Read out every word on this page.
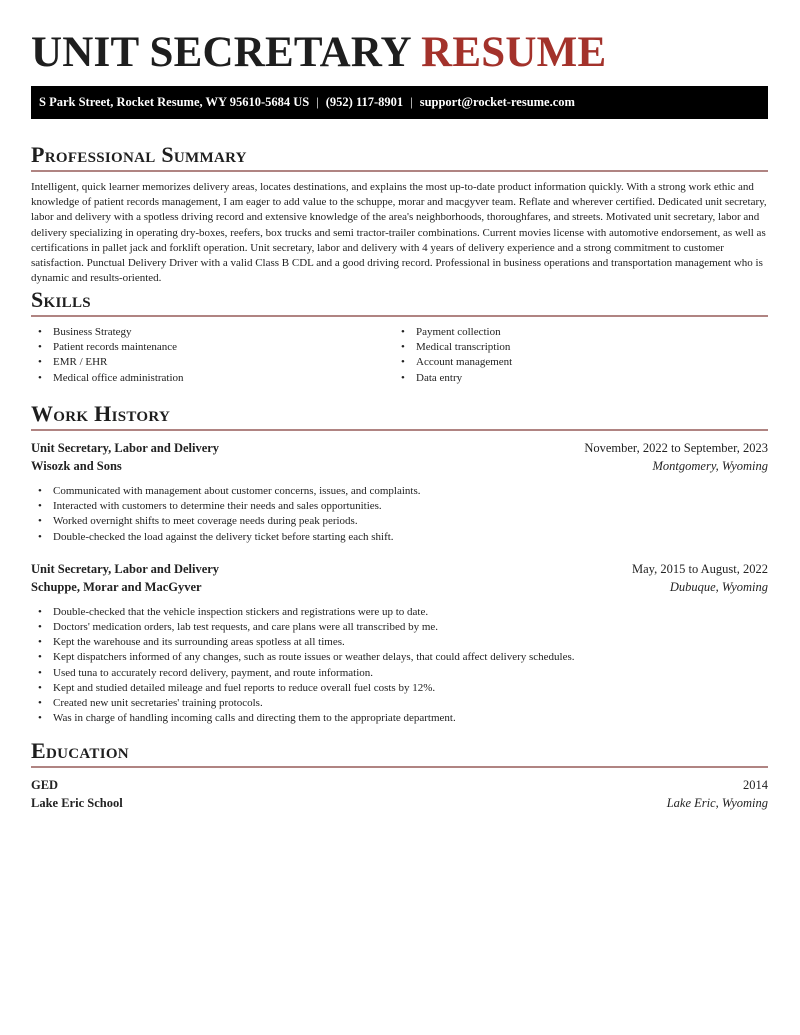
UNIT SECRETARY RESUME
S Park Street, Rocket Resume, WY 95610-5684 US | (952) 117-8901 | support@rocket-resume.com
Professional Summary

Intelligent, quick learner memorizes delivery areas, locates destinations, and explains the most up-to-date product information quickly. With a strong work ethic and knowledge of patient records management, I am eager to add value to the schuppe, morar and macgyver team. Reflate and wherever certified. Dedicated unit secretary, labor and delivery with a spotless driving record and extensive knowledge of the area's neighborhoods, thoroughfares, and streets. Motivated unit secretary, labor and delivery specializing in operating dry-boxes, reefers, box trucks and semi tractor-trailer combinations. Current movies license with automotive endorsement, as well as certifications in pallet jack and forklift operation. Unit secretary, labor and delivery with 4 years of delivery experience and a strong commitment to customer satisfaction. Punctual Delivery Driver with a valid Class B CDL and a good driving record. Professional in business operations and transportation management who is dynamic and results-oriented.

Skills
• Business Strategy
• Patient records maintenance
• EMR / EHR
• Medical office administration
• Payment collection
• Medical transcription
• Account management
• Data entry
Work History
Unit Secretary, Labor and Delivery	November, 2022 to September, 2023
Wisozk and Sons	Montgomery, Wyoming
• Communicated with management about customer concerns, issues, and complaints.
• Interacted with customers to determine their needs and sales opportunities.
• Worked overnight shifts to meet coverage needs during peak periods.
• Double-checked the load against the delivery ticket before starting each shift.
Unit Secretary, Labor and Delivery	May, 2015 to August, 2022
Schuppe, Morar and MacGyver	Dubuque, Wyoming
• Double-checked that the vehicle inspection stickers and registrations were up to date.
• Doctors' medication orders, lab test requests, and care plans were all transcribed by me.
• Kept the warehouse and its surrounding areas spotless at all times.
• Kept dispatchers informed of any changes, such as route issues or weather delays, that could affect delivery schedules.
• Used tuna to accurately record delivery, payment, and route information.
• Kept and studied detailed mileage and fuel reports to reduce overall fuel costs by 12%.
• Created new unit secretaries' training protocols.
• Was in charge of handling incoming calls and directing them to the appropriate department.
Education
GED	2014
Lake Eric School	Lake Eric, Wyoming
